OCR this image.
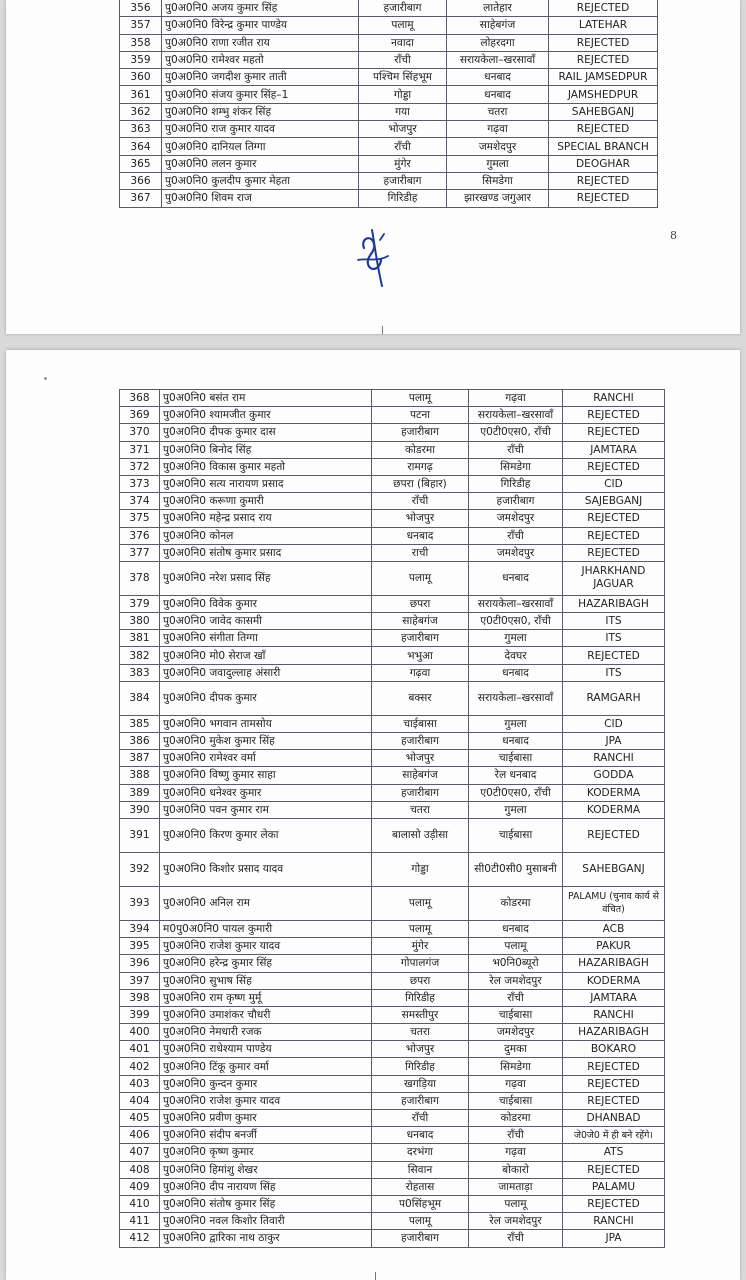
356	पु0अ0नि0 अजय कुमार सिंह	हजारीबाग	लातेहार	REJECTED
357	पु0अ0नि0 विरेन्द्र कुमार पाण्डेय	पलामू	साहेबगंज	LATEHAR
358	पु0अ0नि0 राणा रजीत राय	नवादा	लोहरदगा	REJECTED
359	पु0अ0नि0 रामेश्वर महतो	राँची	सरायकेला–खरसावाँ	REJECTED
360	पु0अ0नि0 जगदीश कुमार ताती	पश्चिम सिंहभूम	धनबाद	RAIL JAMSEDPUR
361	पु0अ0नि0 संजय कुमार सिंह–1	गोड्डा	धनबाद	JAMSHEDPUR
362	पु0अ0नि0 शम्भु शंकर सिंह	गया	चतरा	SAHEBGANJ
363	पु0अ0नि0 राज कुमार यादव	भोजपुर	गढ़वा	REJECTED
364	पु0अ0नि0 दानियल तिग्गा	राँची	जमशेदपुर	SPECIAL BRANCH
365	पु0अ0नि0 ललन कुमार	मुंगेर	गुमला	DEOGHAR
366	पु0अ0नि0 कुलदीप कुमार मेहता	हजारीबाग	सिमडेगा	REJECTED
367	पु0अ0नि0 शिवम राज	गिरिडीह	झारखण्ड जगुआर	REJECTED
8
368	पु0अ0नि0 बसंत राम	पलामू	गढ़वा	RANCHI
369	पु0अ0नि0 श्यामजीत कुमार	पटना	सरायकेला–खरसावाँ	REJECTED
370	पु0अ0नि0 दीपक कुमार दास	हजारीबाग	ए0टी0एस0, राँची	REJECTED
371	पु0अ0नि0 बिनोद सिंह	कोडरमा	राँची	JAMTARA
372	पु0अ0नि0 विकास कुमार महतो	रामगढ़	सिमडेगा	REJECTED
373	पु0अ0नि0 सत्य नारायण प्रसाद	छपरा (बिहार)	गिरिडीह	CID
374	पु0अ0नि0 करूणा कुमारी	राँची	हजारीबाग	SAJEBGANJ
375	पु0अ0नि0 महेन्द्र प्रसाद राय	भोजपुर	जमशेदपुर	REJECTED
376	पु0अ0नि0 कोनल	धनबाद	राँची	REJECTED
377	पु0अ0नि0 संतोष कुमार प्रसाद	राची	जमशेदपुर	REJECTED
378	पु0अ0नि0 नरेश प्रसाद सिंह	पलामू	धनबाद	JHARKHAND JAGUAR
379	पु0अ0नि0 विवेक कुमार	छपरा	सरायकेला–खरसावाँ	HAZARIBAGH
380	पु0अ0नि0 जावेद कासमी	साहेबगंज	ए0टी0एस0, राँची	ITS
381	पु0अ0नि0 संगीता तिग्गा	हजारीबाग	गुमला	ITS
382	पु0अ0नि0 मो0 सेराज खाँ	भभुआ	देवघर	REJECTED
383	पु0अ0नि0 जवादुल्लाह अंसारी	गढ़वा	धनबाद	ITS
384	पु0अ0नि0 दीपक कुमार	बक्सर	सरायकेला–खरसावाँ	RAMGARH
385	पु0अ0नि0 भगवान तामसोय	चाईबासा	गुमला	CID
386	पु0अ0नि0 मुकेश कुमार सिंह	हजारीबाग	धनबाद	JPA
387	पु0अ0नि0 रामेश्वर वर्मा	भोजपुर	चाईबासा	RANCHI
388	पु0अ0नि0 विष्णु कुमार साहा	साहेबगंज	रेल धनबाद	GODDA
389	पु0अ0नि0 धनेश्वर कुमार	हजारीबाग	ए0टी0एस0, राँची	KODERMA
390	पु0अ0नि0 पवन कुमार राम	चतरा	गुमला	KODERMA
391	पु0अ0नि0 किरण कुमार लेका	बालासो उड़ीसा	चाईबासा	REJECTED
392	पु0अ0नि0 किशोर प्रसाद यादव	गोड्डा	सी0टी0सी0 मुसाबनी	SAHEBGANJ
393	पु0अ0नि0 अनिल राम	पलामू	कोडरमा	PALAMU (चुनाव कार्य से वंचित)
394	म0पु0अ0नि0 पायल कुमारी	पलामू	धनबाद	ACB
395	पु0अ0नि0 राजेश कुमार यादव	मुंगेर	पलामू	PAKUR
396	पु0अ0नि0 हरेन्द्र कुमार सिंह	गोपालगंज	भ0नि0ब्यूरो	HAZARIBAGH
397	पु0अ0नि0 सुभाष सिंह	छपरा	रेल जमशेदपुर	KODERMA
398	पु0अ0नि0 राम कृष्ण मुर्मू	गिरिडीह	राँची	JAMTARA
399	पु0अ0नि0 उमाशंकर चौधरी	समस्तीपुर	चाईबासा	RANCHI
400	पु0अ0नि0 नेमधारी रजक	चतरा	जमशेदपुर	HAZARIBAGH
401	पु0अ0नि0 राधेश्याम पाण्डेय	भोजपुर	दुमका	BOKARO
402	पु0अ0नि0 टिंकू कुमार वर्मा	गिरिडीह	सिमडेगा	REJECTED
403	पु0अ0नि0 कुन्दन कुमार	खगड़िया	गढ़वा	REJECTED
404	पु0अ0नि0 राजेश कुमार यादव	हजारीबाग	चाईबासा	REJECTED
405	पु0अ0नि0 प्रवीण कुमार	राँची	कोडरमा	DHANBAD
406	पु0अ0नि0 संदीप बनर्जी	धनबाद	राँची	जे0जे0 में ही बने रहेंगे।
407	पु0अ0नि0 कृष्ण कुमार	दरभंगा	गढ़वा	ATS
408	पु0अ0नि0 हिमांशु शेखर	सिवान	बोकारो	REJECTED
409	पु0अ0नि0 दीप नारायण सिंह	रोहतास	जामताड़ा	PALAMU
410	पु0अ0नि0 संतोष कुमार सिंह	प0सिंहभूम	पलामू	REJECTED
411	पु0अ0नि0 नवल किशोर तिवारी	पलामू	रेल जमशेदपुर	RANCHI
412	पु0अ0नि0 द्वारिका नाथ ठाकुर	हजारीबाग	राँची	JPA
